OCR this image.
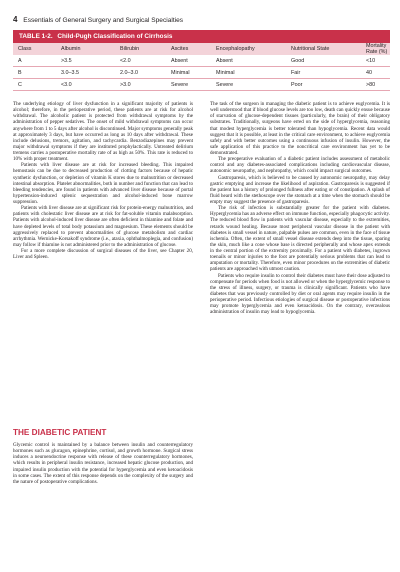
4 Essentials of General Surgery and Surgical Specialties
TABLE 1-2. Child-Pugh Classification of Cirrhosis
Class	Albumin	Bilirubin	Ascites	Encephalopathy	Nutritional State	Mortality Rate (%)
A	>3.5	<2.0	Absent	Absent	Good	<10
B	3.0–3.5	2.0–3.0	Minimal	Minimal	Fair	40
C	<3.0	>3.0	Severe	Severe	Poor	>80

The underlying etiology of liver dysfunction in a significant majority of patients is alcohol; therefore, in the perioperative period, these patients are at risk for alcohol withdrawal. The alcoholic patient is protected from withdrawal symptoms by the administration of pepper sedatives. The onset of mild withdrawal symptoms can occur anywhere from 1 to 5 days after alcohol is discontinued. Major symptoms generally peak at approximately 3 days, but have occurred as long as 10 days after withdrawal. These include delusions, tremors, agitation, and tachycardia. Benzodiazepines may prevent major withdrawal symptoms if they are instituted prophylactically. Untreated delirium tremens carries a postoperative mortality rate of as high as 50%. This rate is reduced to 10% with proper treatment.

Patients with liver disease are at risk for increased bleeding. This impaired hemostasis can be due to decreased production of clotting factors because of hepatic synthetic dysfunction, or depletion of vitamin K stores due to malnutrition or decreased intestinal absorption. Platelet abnormalities, both in number and function that can lead to bleeding tendencies, are found in patients with advanced liver disease because of portal hypertension-induced splenic sequestration and alcohol-induced bone marrow suppression.

Patients with liver disease are at significant risk for protein-energy malnutrition, and patients with cholestatic liver disease are at risk for fat-soluble vitamin malabsorption. Patients with alcohol-induced liver disease are often deficient in thiamine and folate and have depleted levels of total body potassium and magnesium. These elements should be aggressively replaced to prevent abnormalities of glucose metabolism and cardiac arrhythmia. Wernicke-Korsakoff syndrome (i.e., ataxia, ophthalmoplegia, and confusion) may follow if thiamine is not administered prior to the administration of glucose.

For a more complete discussion of surgical diseases of the liver, see Chapter 20, Liver and Spleen.

THE DIABETIC PATIENT

Glycemic control is maintained by a balance between insulin and counterregulatory hormones such as glucagon, epinephrine, cortisol, and growth hormone. Surgical stress induces a neuroendocrine response with release of these counterregulatory hormones, which results in peripheral insulin resistance, increased hepatic glucose production, and impaired insulin production with the potential for hyperglycemia and even ketoacidosis in some cases. The extent of this response depends on the complexity of the surgery and the nature of postoperative complications.

The task of the surgeon in managing the diabetic patient is to achieve euglycemia. It is well understood that if blood glucose levels are too low, death can quickly ensue because of starvation of glucose-dependent tissues (particularly, the brain) of their obligatory substrates. Traditionally, surgeons have erred on the side of hyperglycemia, reasoning that modest hyperglycemia is better tolerated than hypoglycemia. Recent data would suggest that it is possible, at least in the critical care environment, to achieve euglycemia safely and with better outcomes using a continuous infusion of insulin. However, the safe application of this practice to the noncritical care environment has yet to be demonstrated.

The preoperative evaluation of a diabetic patient includes assessment of metabolic control and any diabetes-associated complications including cardiovascular disease, autonomic neuropathy, and nephropathy, which could impact surgical outcomes.

Gastroparesis, which is believed to be caused by autonomic neuropathy, may delay gastric emptying and increase the likelihood of aspiration. Gastroparesis is suggested if the patient has a history of prolonged fullness after eating or of constipation. A splash of fluid heard with the stethoscope over the stomach at a time when the stomach should be empty may suggest the presence of gastroparesis.

The risk of infection is substantially greater for the patient with diabetes. Hyperglycemia has an adverse effect on immune function, especially phagocytic activity. The reduced blood flow in patients with vascular disease, especially to the extremities, retards wound healing. Because most peripheral vascular disease in the patient with diabetes is small vessel in nature, palpable pulses are common, even in the face of tissue ischemia. Often, the extent of small vessel disease extends deep into the tissue, sparing the skin, much like a cone whose base is directed peripherally and whose apex extends in the central portion of the extremity proximally. For a patient with diabetes, ingrown toenails or minor injuries to the foot are potentially serious problems that can lead to amputation or mortality. Therefore, even minor procedures on the extremities of diabetic patients are approached with utmost caution.

Patients who require insulin to control their diabetes must have their dose adjusted to compensate for periods when food is not allowed or when the hyperglycemic response to the stress of illness, surgery, or trauma is clinically significant. Patients who have diabetes that was previously controlled by diet or oral agents may require insulin in the perioperative period. Infectious etiologies of surgical disease or postoperative infections may promote hyperglycemia and even ketoacidosis. On the contrary, overzealous administration of insulin may lead to hypoglycemia.
